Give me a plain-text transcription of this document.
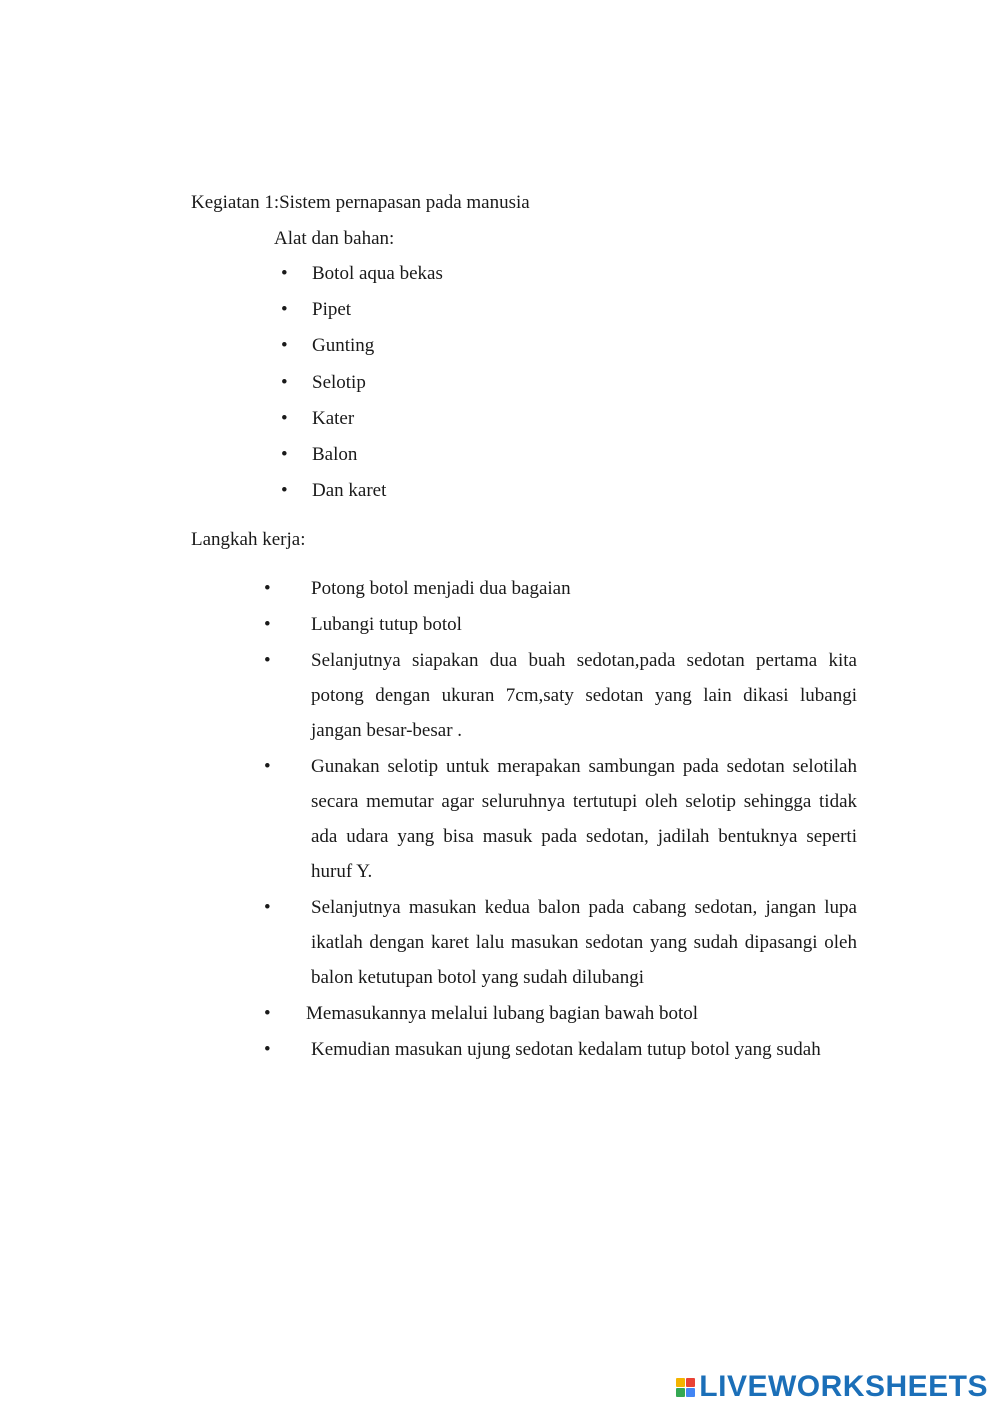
Kegiatan 1:Sistem pernapasan pada manusia
Alat dan bahan:
•	Botol aqua bekas
•	Pipet
•	Gunting
•	Selotip
•	Kater
•	Balon
•	Dan karet
Langkah kerja:
•	Potong botol menjadi dua bagaian
•	Lubangi tutup botol
•	Selanjutnya siapakan dua buah sedotan,pada sedotan pertama kita potong dengan ukuran 7cm,saty sedotan yang lain dikasi lubangi jangan besar-besar .
•	Gunakan selotip untuk merapakan sambungan pada sedotan selotilah secara memutar agar seluruhnya tertutupi oleh selotip sehingga tidak ada udara yang bisa masuk pada sedotan, jadilah bentuknya seperti huruf Y.
•	Selanjutnya masukan kedua balon pada cabang sedotan, jangan lupa ikatlah dengan karet lalu masukan sedotan yang sudah dipasangi oleh balon ketutupan botol yang sudah dilubangi
•	Memasukannya melalui lubang bagian bawah botol
•	Kemudian masukan ujung sedotan kedalam tutup botol yang sudah
LIVEWORKSHEETS
